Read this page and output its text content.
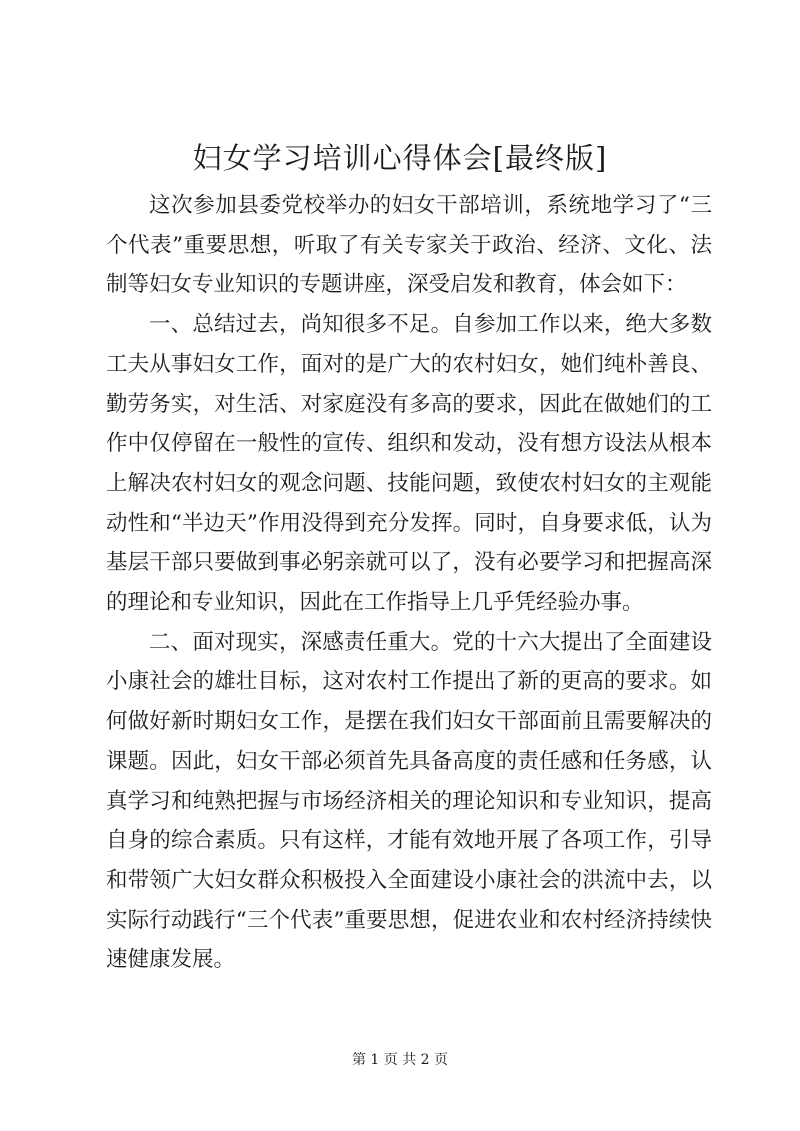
妇女学习培训心得体会[最终版]

这次参加县委党校举办的妇女干部培训，系统地学习了“三个代表”重要思想，听取了有关专家关于政治、经济、文化、法制等妇女专业知识的专题讲座，深受启发和教育，体会如下：

一、总结过去，尚知很多不足。自参加工作以来，绝大多数工夫从事妇女工作，面对的是广大的农村妇女，她们纯朴善良、勤劳务实，对生活、对家庭没有多高的要求，因此在做她们的工作中仅停留在一般性的宣传、组织和发动，没有想方设法从根本上解决农村妇女的观念问题、技能问题，致使农村妇女的主观能动性和“半边天”作用没得到充分发挥。同时，自身要求低，认为基层干部只要做到事必躬亲就可以了，没有必要学习和把握高深的理论和专业知识，因此在工作指导上几乎凭经验办事。

二、面对现实，深感责任重大。党的十六大提出了全面建设小康社会的雄壮目标，这对农村工作提出了新的更高的要求。如何做好新时期妇女工作，是摆在我们妇女干部面前且需要解决的课题。因此，妇女干部必须首先具备高度的责任感和任务感，认真学习和纯熟把握与市场经济相关的理论知识和专业知识，提高自身的综合素质。只有这样，才能有效地开展了各项工作，引导和带领广大妇女群众积极投入全面建设小康社会的洪流中去，以实际行动践行“三个代表”重要思想，促进农业和农村经济持续快速健康发展。

第 1 页 共 2 页
